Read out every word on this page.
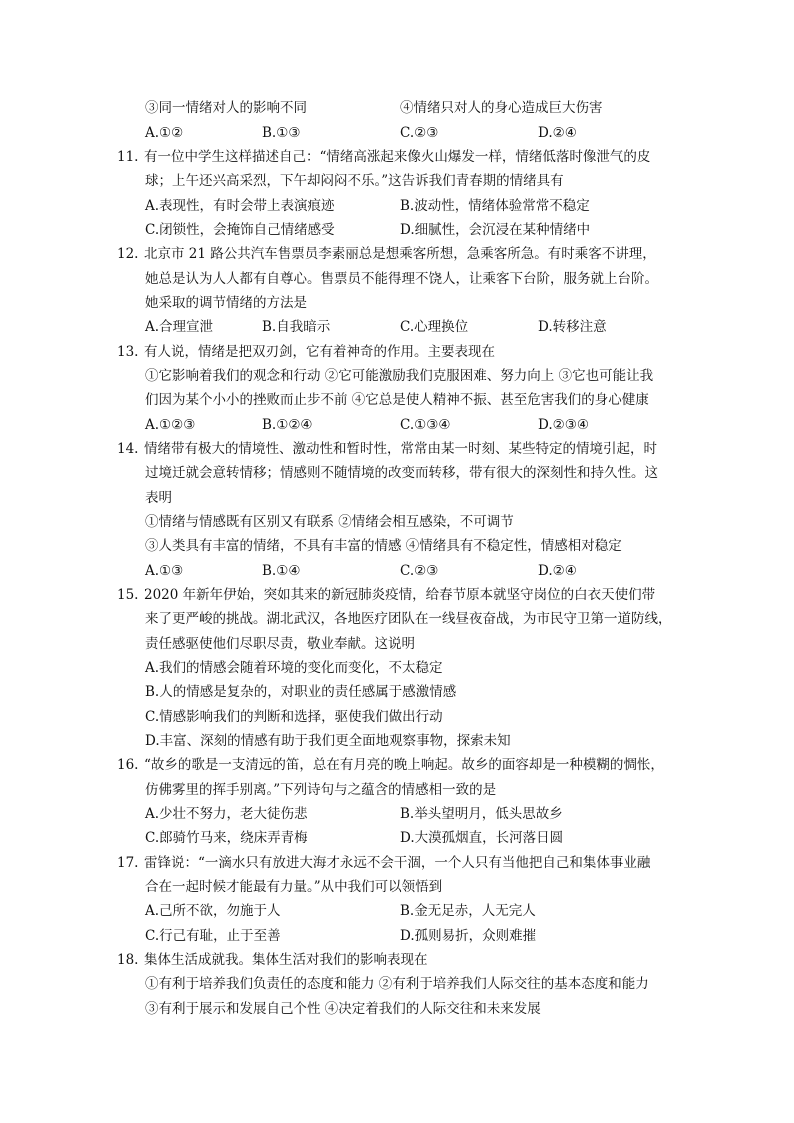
③同一情绪对人的影响不同	④情绪只对人的身心造成巨大伤害
A.①②	B.①③	C.②③	D.②④
11. 有一位中学生这样描述自己：“情绪高涨起来像火山爆发一样，情绪低落时像泄气的皮
球；上午还兴高采烈，下午却闷闷不乐。”这告诉我们青春期的情绪具有
A.表现性，有时会带上表演痕迹	B.波动性，情绪体验常常不稳定
C.闭锁性，会掩饰自己情绪感受	D.细腻性，会沉浸在某种情绪中
12. 北京市 21 路公共汽车售票员李素丽总是想乘客所想，急乘客所急。有时乘客不讲理，
她总是认为人人都有自尊心。售票员不能得理不饶人，让乘客下台阶，服务就上台阶。
她采取的调节情绪的方法是
A.合理宣泄	B.自我暗示	C.心理换位	D.转移注意
13. 有人说，情绪是把双刃剑，它有着神奇的作用。主要表现在
①它影响着我们的观念和行动 ②它可能激励我们克服困难、努力向上 ③它也可能让我
们因为某个小小的挫败而止步不前 ④它总是使人精神不振、甚至危害我们的身心健康
A.①②③	B.①②④	C.①③④	D.②③④
14. 情绪带有极大的情境性、激动性和暂时性，常常由某一时刻、某些特定的情境引起，时
过境迁就会意转情移；情感则不随情境的改变而转移，带有很大的深刻性和持久性。这
表明
①情绪与情感既有区别又有联系 ②情绪会相互感染，不可调节
③人类具有丰富的情绪，不具有丰富的情感 ④情绪具有不稳定性，情感相对稳定
A.①③	B.①④	C.②③	D.②④
15. 2020 年新年伊始，突如其来的新冠肺炎疫情，给春节原本就坚守岗位的白衣天使们带
来了更严峻的挑战。湖北武汉，各地医疗团队在一线昼夜奋战，为市民守卫第一道防线，
责任感驱使他们尽职尽责，敬业奉献。这说明
A.我们的情感会随着环境的变化而变化，不太稳定
B.人的情感是复杂的，对职业的责任感属于感激情感
C.情感影响我们的判断和选择，驱使我们做出行动
D.丰富、深刻的情感有助于我们更全面地观察事物，探索未知
16. “故乡的歌是一支清远的笛，总在有月亮的晚上响起。故乡的面容却是一种模糊的惆怅，
仿佛雾里的挥手别离。”下列诗句与之蕴含的情感相一致的是
A.少壮不努力，老大徒伤悲	B.举头望明月，低头思故乡
C.郎骑竹马来，绕床弄青梅	D.大漠孤烟直，长河落日圆
17. 雷锋说：“一滴水只有放进大海才永远不会干涸，一个人只有当他把自己和集体事业融
合在一起时候才能最有力量。”从中我们可以领悟到
A.己所不欲，勿施于人	B.金无足赤，人无完人
C.行己有耻，止于至善	D.孤则易折，众则难摧
18. 集体生活成就我。集体生活对我们的影响表现在
①有利于培养我们负责任的态度和能力 ②有利于培养我们人际交往的基本态度和能力
③有利于展示和发展自己个性 ④决定着我们的人际交往和未来发展
